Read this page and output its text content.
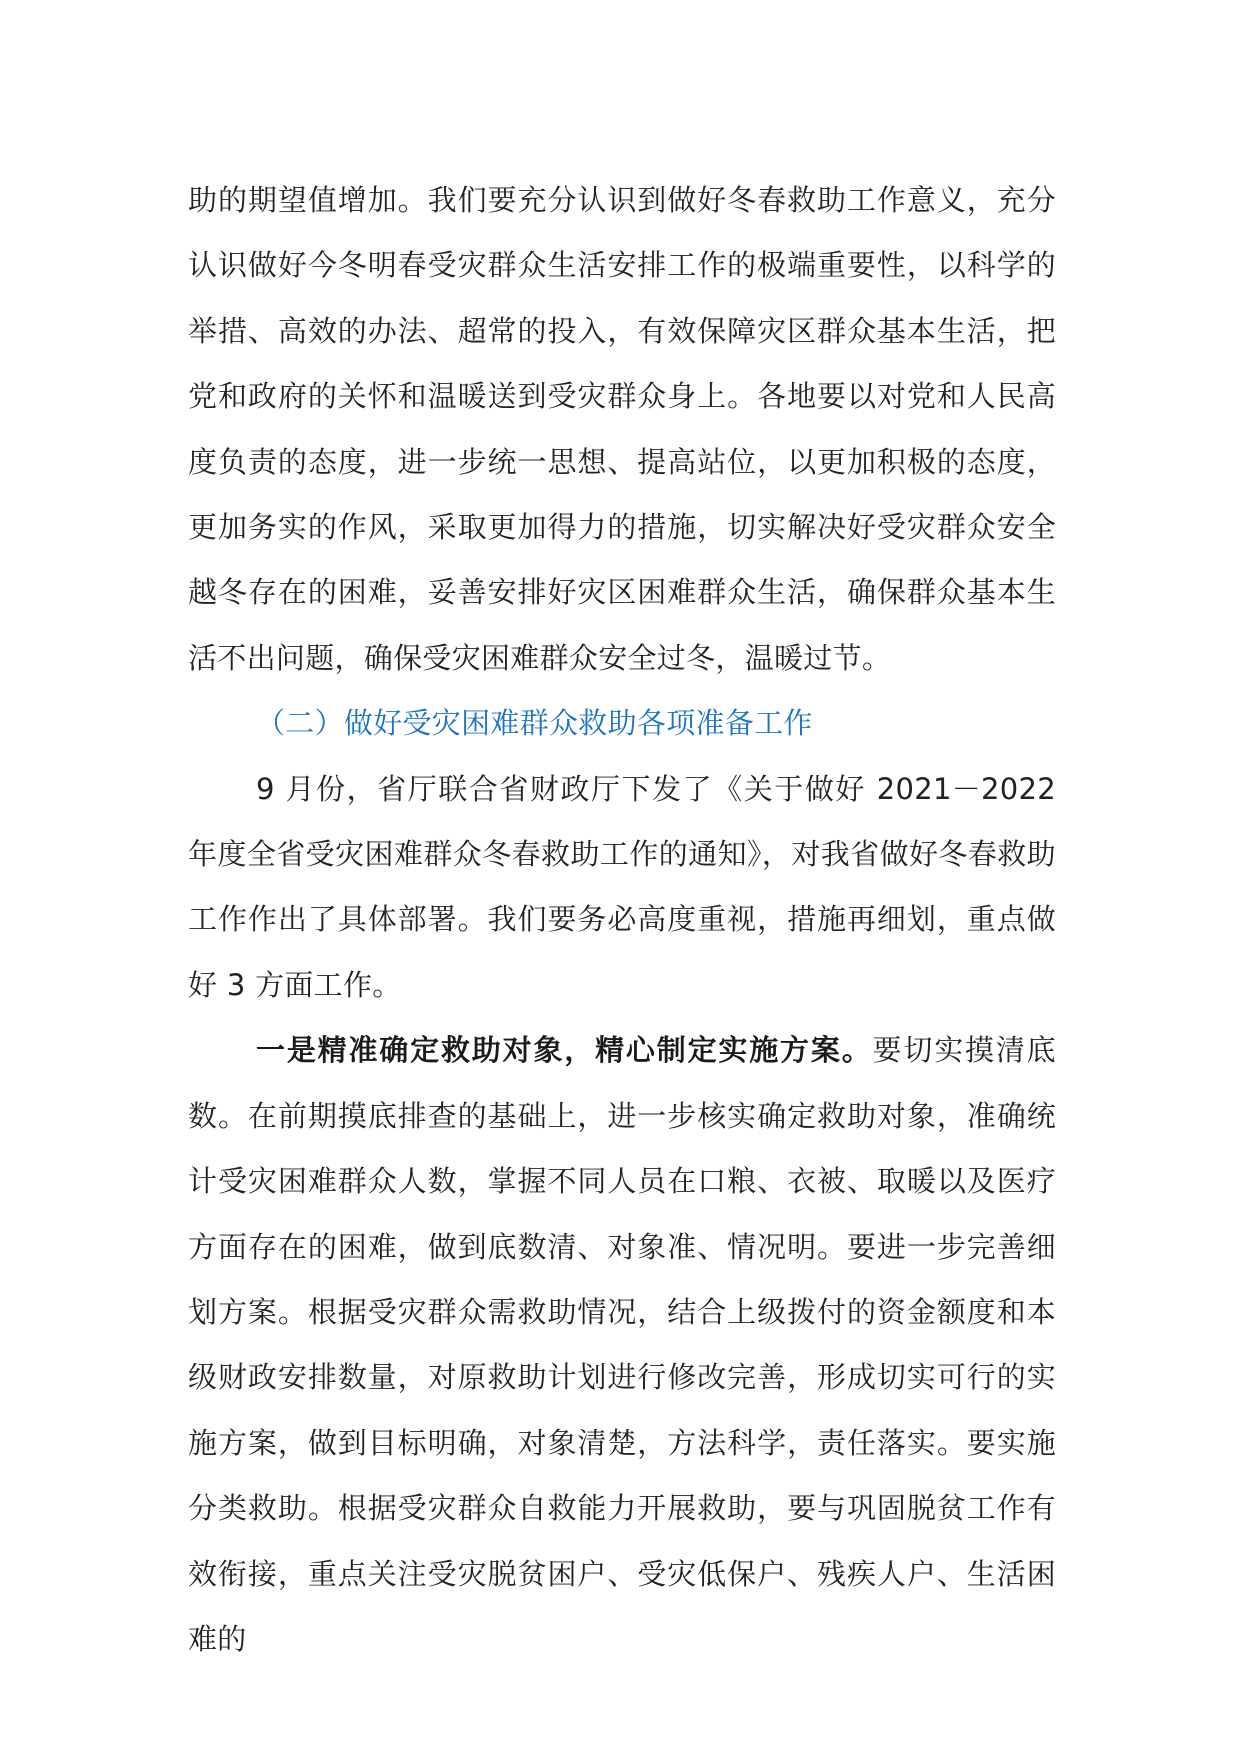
助的期望值增加。我们要充分认识到做好冬春救助工作意义，充分认识做好今冬明春受灾群众生活安排工作的极端重要性，以科学的举措、高效的办法、超常的投入，有效保障灾区群众基本生活，把党和政府的关怀和温暖送到受灾群众身上。各地要以对党和人民高度负责的态度，进一步统一思想、提高站位，以更加积极的态度，更加务实的作风，采取更加得力的措施，切实解决好受灾群众安全越冬存在的困难，妥善安排好灾区困难群众生活，确保群众基本生活不出问题，确保受灾困难群众安全过冬，温暖过节。

（二）做好受灾困难群众救助各项准备工作

9 月份，省厅联合省财政厅下发了《关于做好 2021－2022 年度全省受灾困难群众冬春救助工作的通知》，对我省做好冬春救助工作作出了具体部署。我们要务必高度重视，措施再细划，重点做好 3 方面工作。

一是精准确定救助对象，精心制定实施方案。要切实摸清底数。在前期摸底排查的基础上，进一步核实确定救助对象，准确统计受灾困难群众人数，掌握不同人员在口粮、衣被、取暖以及医疗方面存在的困难，做到底数清、对象准、情况明。要进一步完善细划方案。根据受灾群众需救助情况，结合上级拨付的资金额度和本级财政安排数量，对原救助计划进行修改完善，形成切实可行的实施方案，做到目标明确，对象清楚，方法科学，责任落实。要实施分类救助。根据受灾群众自救能力开展救助，要与巩固脱贫工作有效衔接，重点关注受灾脱贫困户、受灾低保户、残疾人户、生活困难的
